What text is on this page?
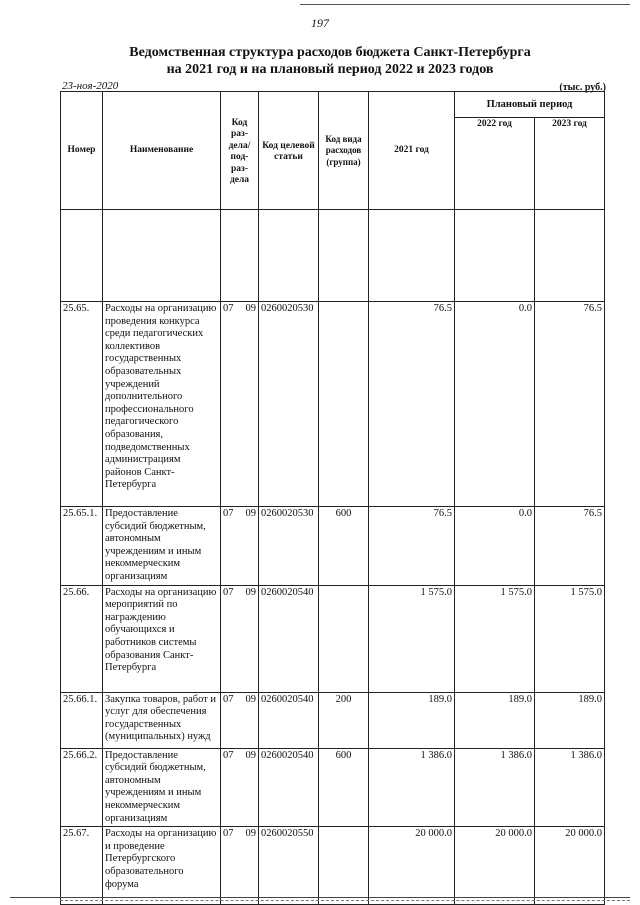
197
Ведомственная структура расходов бюджета Санкт-Петербурга
на 2021 год и на плановый период 2022 и 2023 годов
23-ноя-2020	(тыс. руб.)
Номер	Наименование	Код раз- дела/ под- раз- дела	Код целевой статьи	Код вида расходов (группа)	2021 год	Плановый период	
						2022 год	2023 год

25.65.	Расходы на организацию проведения конкурса среди педагогических коллективов государственных образовательных учреждений дополнительного профессионального педагогического образования, подведомственных администрациям районов Санкт-Петербурга	07 09	0260020530		76.5	0.0	76.5
25.65.1.	Предоставление субсидий бюджетным, автономным учреждениям и иным некоммерческим организациям	07 09	0260020530	600	76.5	0.0	76.5
25.66.	Расходы на организацию мероприятий по награждению обучающихся и работников системы образования Санкт-Петербурга	07 09	0260020540		1 575.0	1 575.0	1 575.0
25.66.1.	Закупка товаров, работ и услуг для обеспечения государственных (муниципальных) нужд	07 09	0260020540	200	189.0	189.0	189.0
25.66.2.	Предоставление субсидий бюджетным, автономным учреждениям и иным некоммерческим организациям	07 09	0260020540	600	1 386.0	1 386.0	1 386.0
25.67.	Расходы на организацию и проведение Петербургского образовательного форума	07 09	0260020550		20 000.0	20 000.0	20 000.0
